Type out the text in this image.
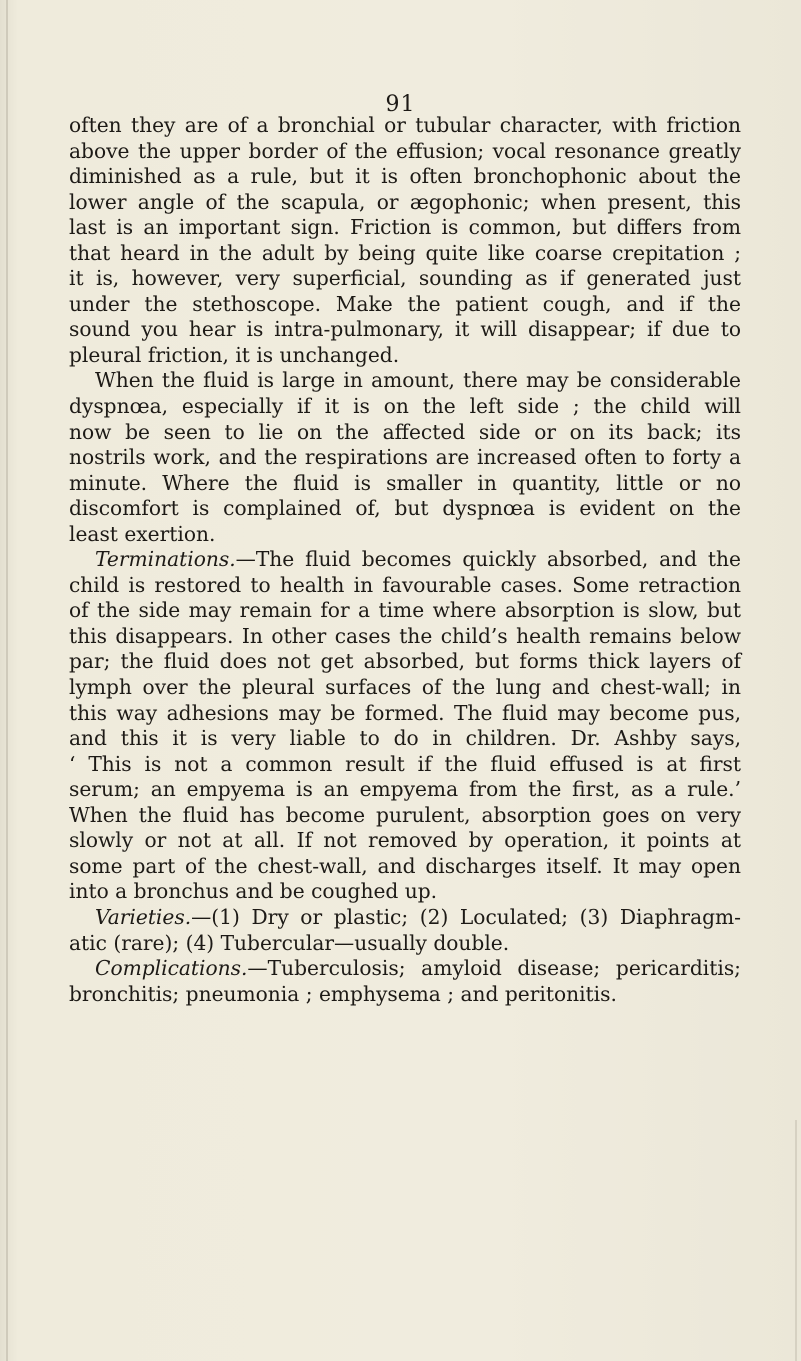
91
often they are of a bronchial or tubular character, with friction
above the upper border of the effusion; vocal resonance greatly
diminished as a rule, but it is often bronchophonic about the
lower angle of the scapula, or ægophonic; when present, this
last is an important sign. Friction is common, but differs from
that heard in the adult by being quite like coarse crepitation ;
it is, however, very superficial, sounding as if generated just
under the stethoscope. Make the patient cough, and if the
sound you hear is intra-pulmonary, it will disappear; if due to
pleural friction, it is unchanged.
When the fluid is large in amount, there may be considerable
dyspnœa, especially if it is on the left side ; the child will
now be seen to lie on the affected side or on its back; its
nostrils work, and the respirations are increased often to forty a
minute. Where the fluid is smaller in quantity, little or no
discomfort is complained of, but dyspnœa is evident on the
least exertion.
Terminations.—The fluid becomes quickly absorbed, and the
child is restored to health in favourable cases. Some retraction
of the side may remain for a time where absorption is slow, but
this disappears. In other cases the child’s health remains below
par; the fluid does not get absorbed, but forms thick layers of
lymph over the pleural surfaces of the lung and chest-wall; in
this way adhesions may be formed. The fluid may become pus,
and this it is very liable to do in children. Dr. Ashby says,
‘ This is not a common result if the fluid effused is at first
serum; an empyema is an empyema from the first, as a rule.’
When the fluid has become purulent, absorption goes on very
slowly or not at all. If not removed by operation, it points at
some part of the chest-wall, and discharges itself. It may open
into a bronchus and be coughed up.
Varieties.—(1) Dry or plastic; (2) Loculated; (3) Diaphragm-
atic (rare); (4) Tubercular—usually double.
Complications.—Tuberculosis; amyloid disease; pericarditis;
bronchitis; pneumonia ; emphysema ; and peritonitis.
